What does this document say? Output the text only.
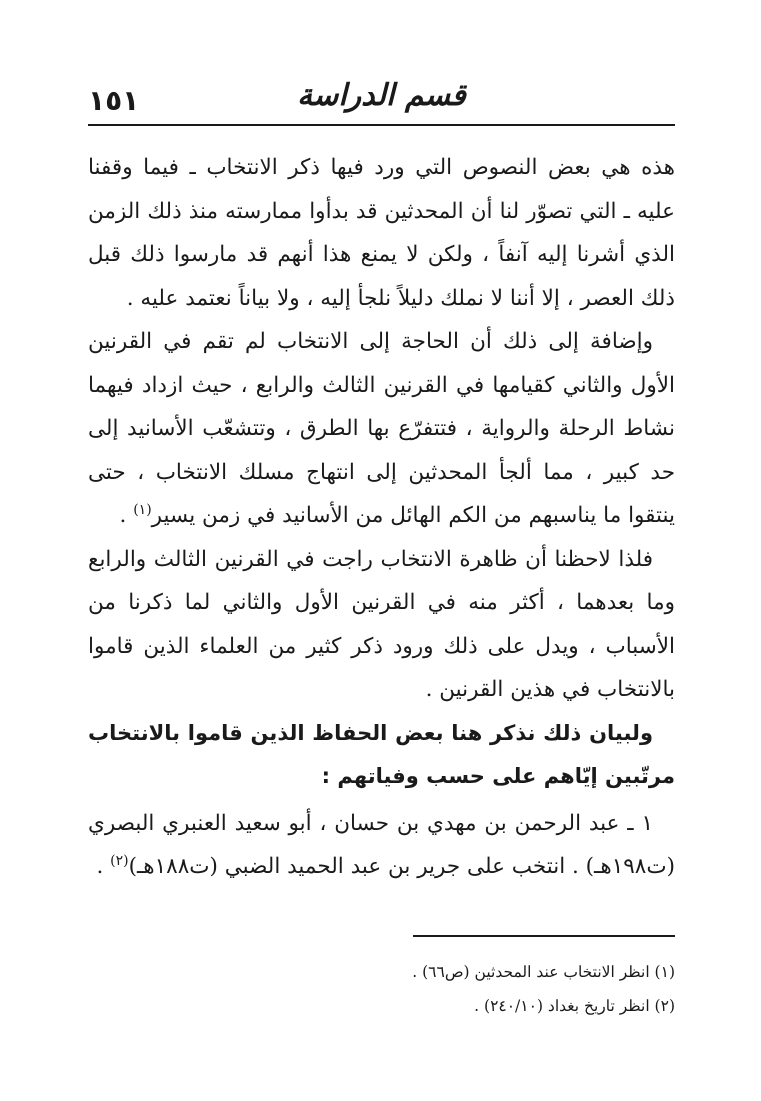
١٥١	قسم الدراسة

هذه هي بعض النصوص التي ورد فيها ذكر الانتخاب ـ فيما وقفنا عليه ـ التي تصوّر لنا أن المحدثين قد بدأوا ممارسته منذ ذلك الزمن الذي أشرنا إليه آنفاً ، ولكن لا يمنع هذا أنهم قد مارسوا ذلك قبل ذلك العصر ، إلا أننا لا نملك دليلاً نلجأ إليه ، ولا بياناً نعتمد عليه .

وإضافة إلى ذلك أن الحاجة إلى الانتخاب لم تقم في القرنين الأول والثاني كقيامها في القرنين الثالث والرابع ، حيث ازداد فيهما نشاط الرحلة والرواية ، فتتفرّع بها الطرق ، وتتشعّب الأسانيد إلى حد كبير ، مما ألجأ المحدثين إلى انتهاج مسلك الانتخاب ، حتى ينتقوا ما يناسبهم من الكم الهائل من الأسانيد في زمن يسير$^{(١)}$ .

فلذا لاحظنا أن ظاهرة الانتخاب راجت في القرنين الثالث والرابع وما بعدهما ، أكثر منه في القرنين الأول والثاني لما ذكرنا من الأسباب ، ويدل على ذلك ورود ذكر كثير من العلماء الذين قاموا بالانتخاب في هذين القرنين .

ولبيان ذلك نذكر هنا بعض الحفاظ الذين قاموا بالانتخاب مرتّبين إيّاهم على حسب وفياتهم :

١ ـ عبد الرحمن بن مهدي بن حسان ، أبو سعيد العنبري البصري (ت١٩٨هـ) . انتخب على جرير بن عبد الحميد الضبي (ت١٨٨هـ)$^{(٢)}$ .

(١) انظر الانتخاب عند المحدثين (ص٦٦) .

(٢) انظر تاريخ بغداد (٢٤٠/١٠) .
